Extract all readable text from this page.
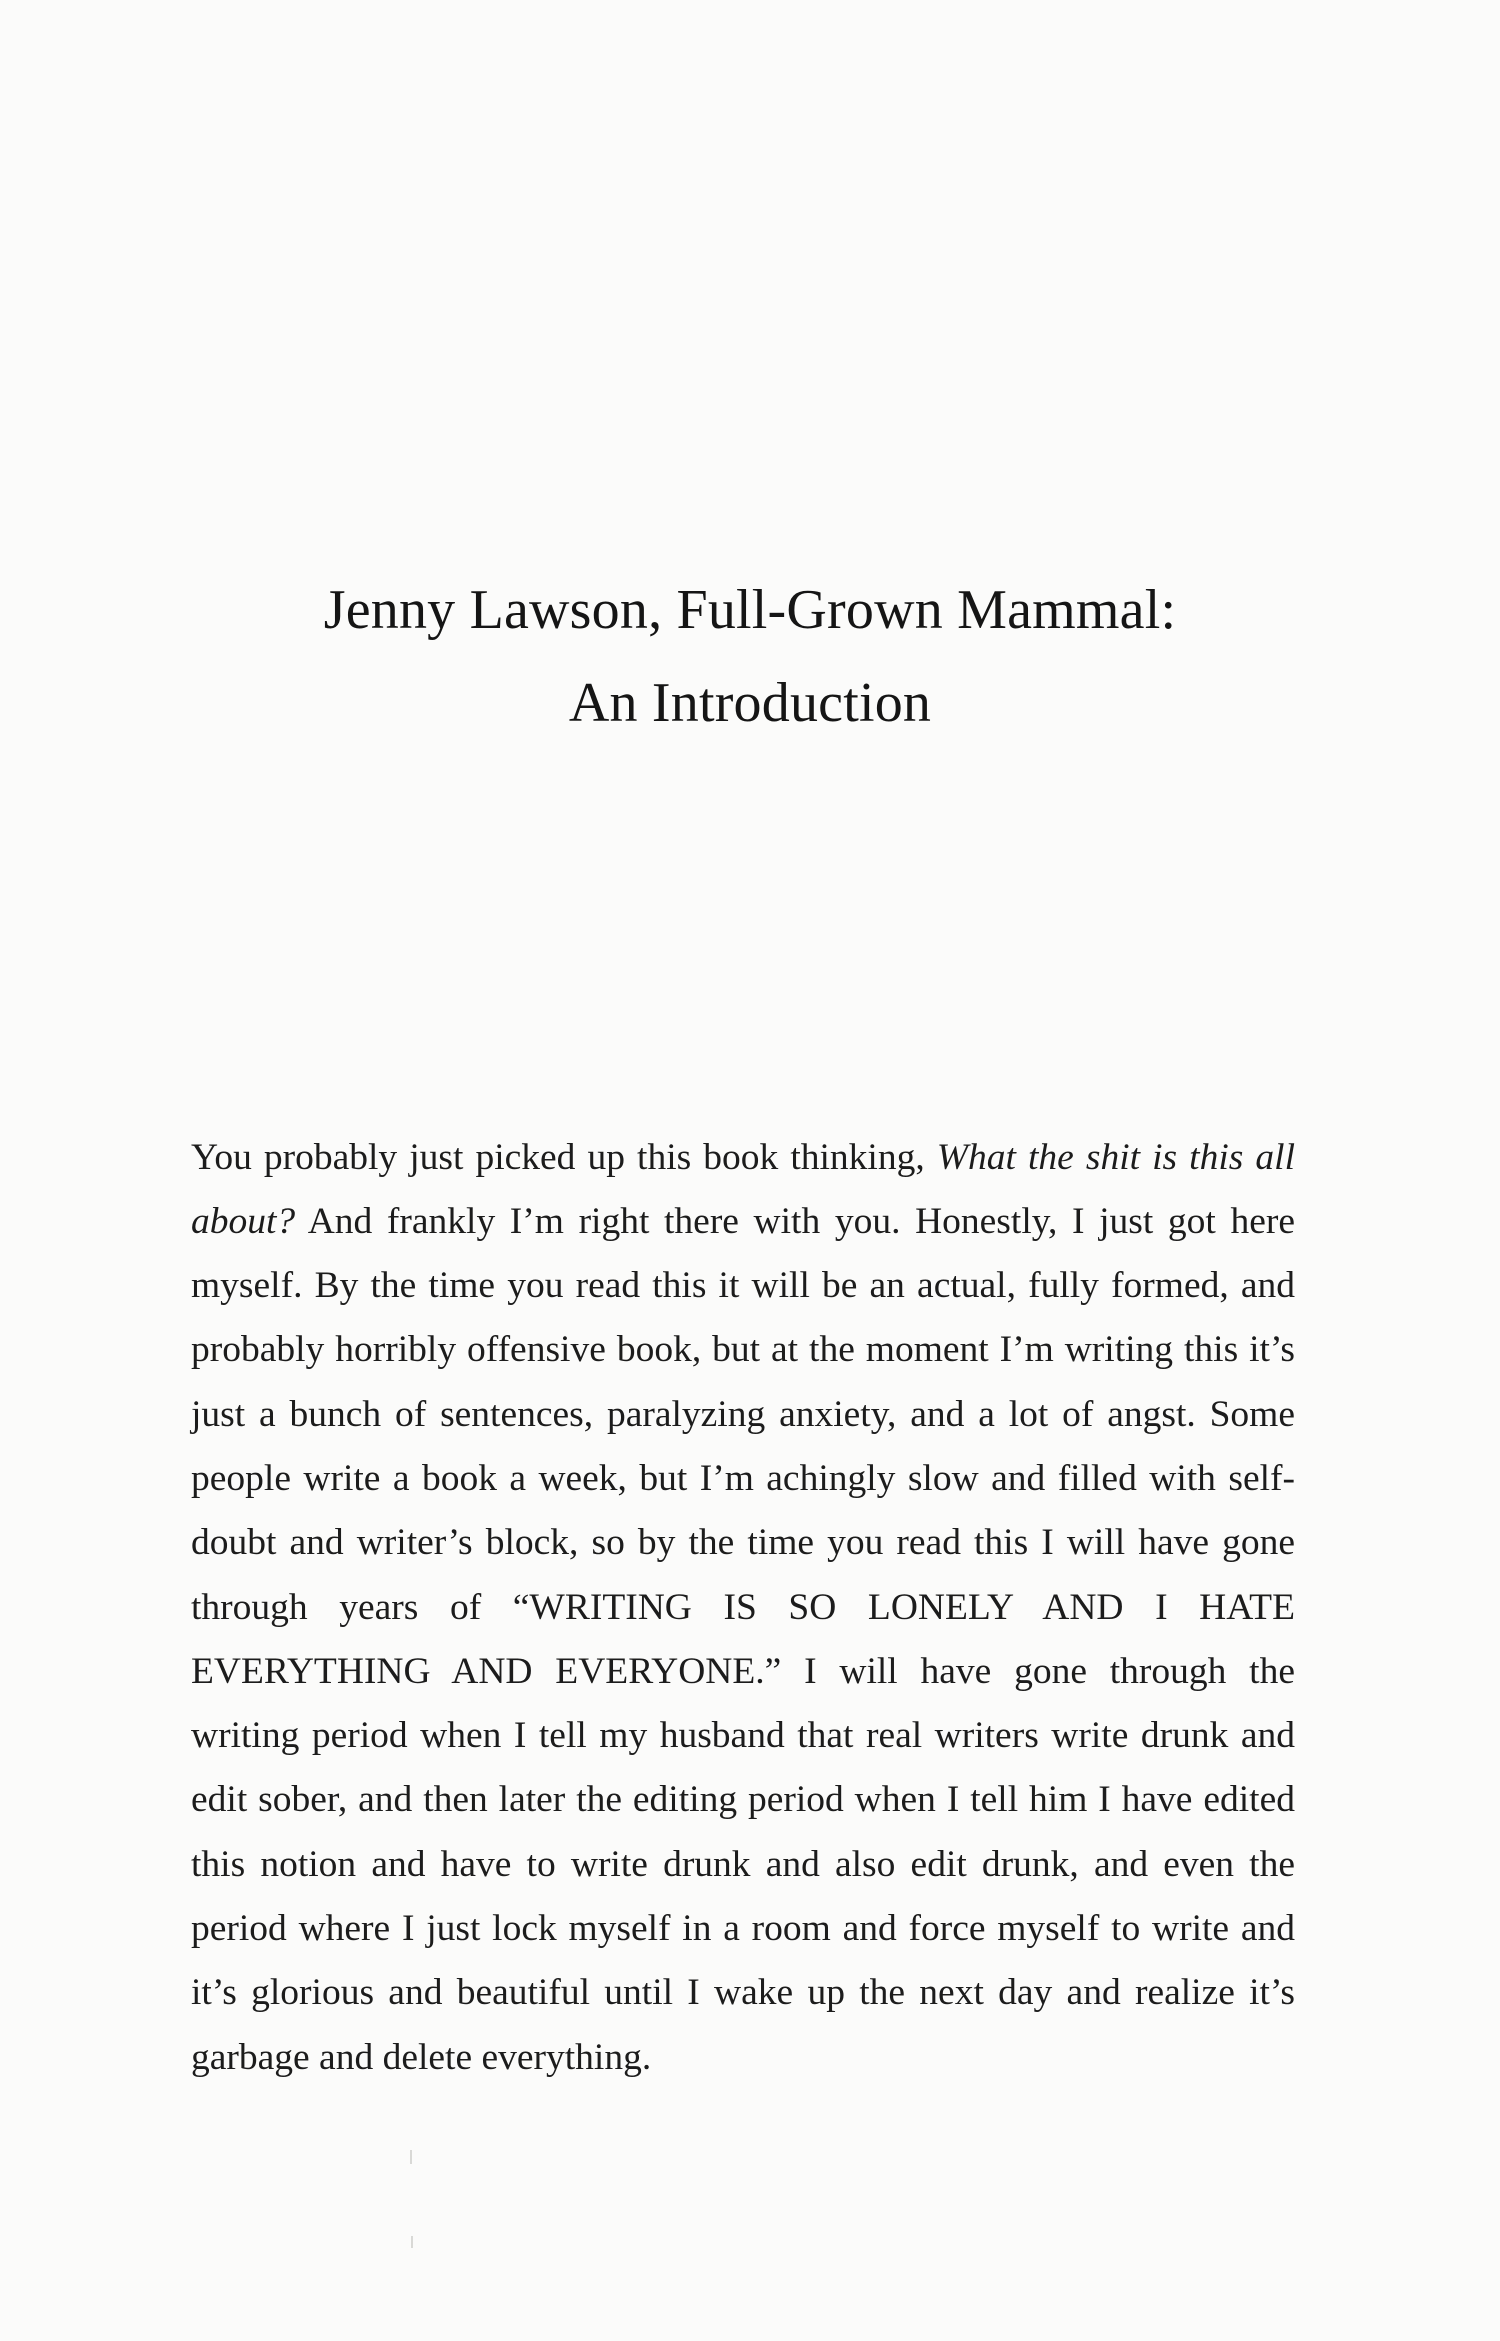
Jenny Lawson, Full-Grown Mammal:
An Introduction

You probably just picked up this book thinking, What the shit is this all about? And frankly I’m right there with you. Honestly, I just got here myself. By the time you read this it will be an actual, fully formed, and probably horribly offensive book, but at the moment I’m writing this it’s just a bunch of sentences, paralyzing anxiety, and a lot of angst. Some people write a book a week, but I’m achingly slow and filled with self-doubt and writer’s block, so by the time you read this I will have gone through years of “WRITING IS SO LONELY AND I HATE EVERYTHING AND EVERYONE.” I will have gone through the writing period when I tell my husband that real writers write drunk and edit sober, and then later the editing period when I tell him I have edited this notion and have to write drunk and also edit drunk, and even the period where I just lock myself in a room and force myself to write and it’s glorious and beautiful until I wake up the next day and realize it’s garbage and delete everything.
